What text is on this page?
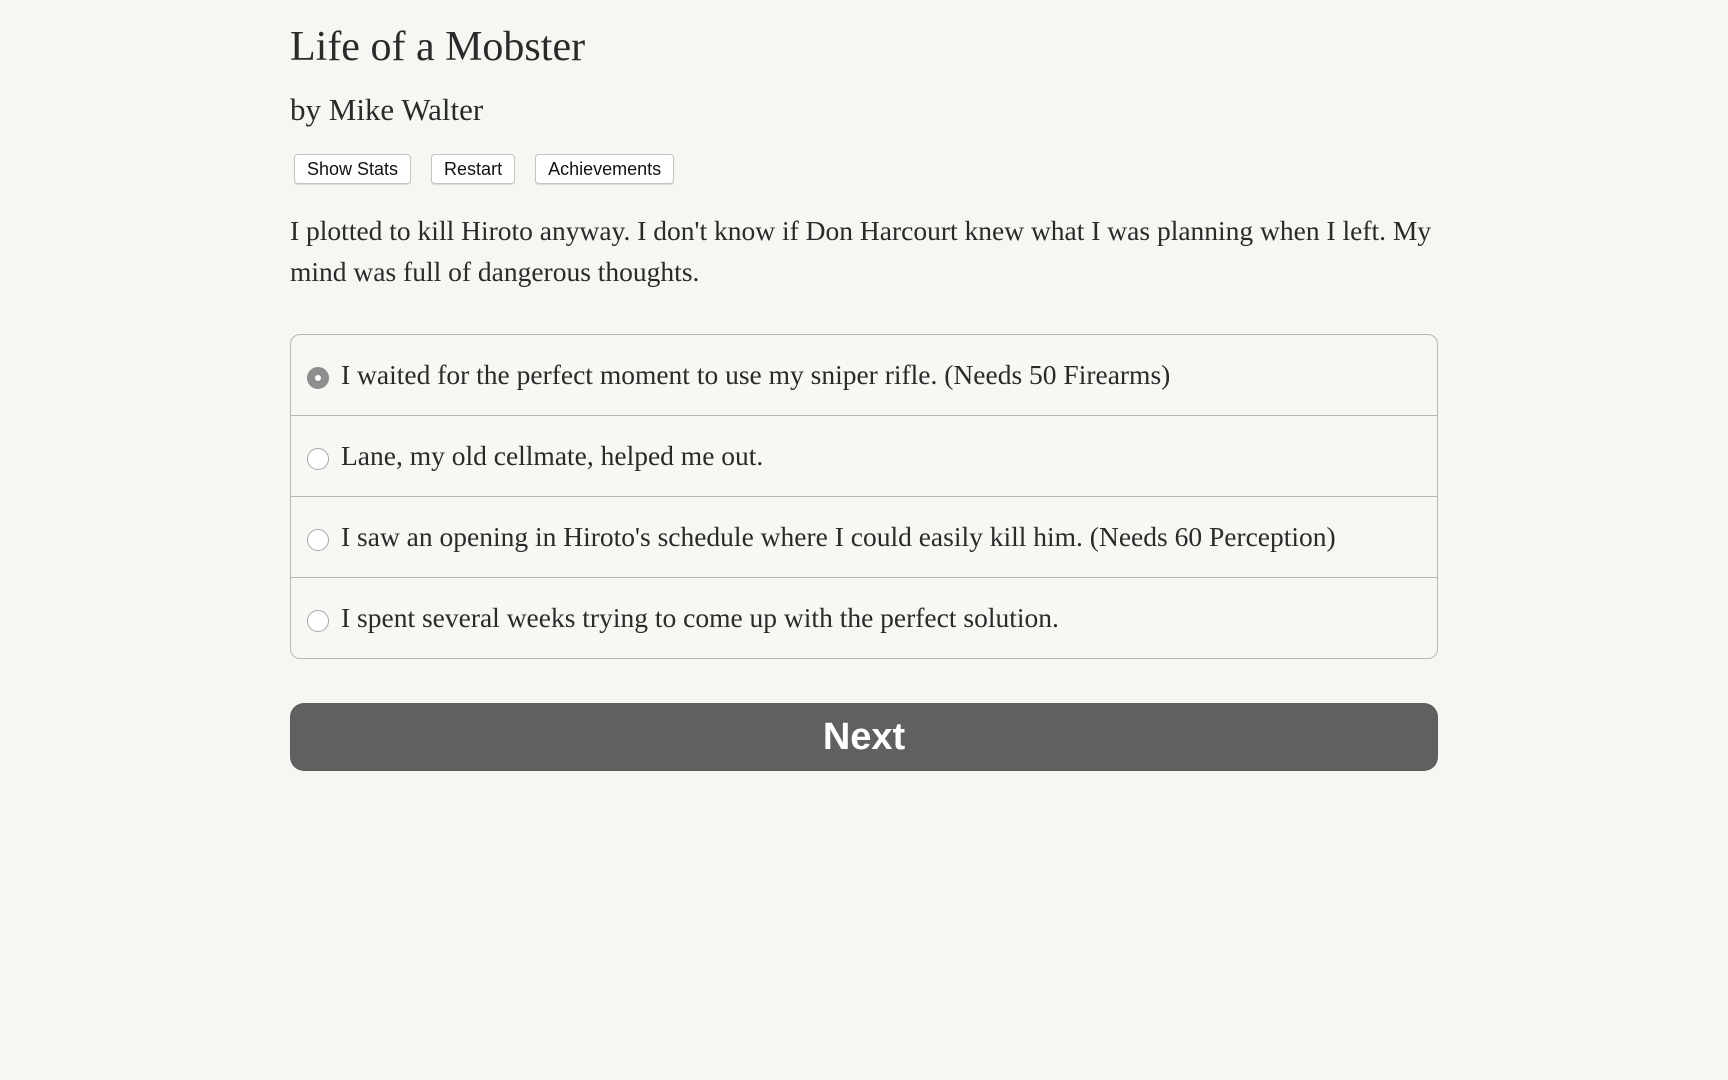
Life of a Mobster
by Mike Walter
Show Stats	Restart	Achievements

I plotted to kill Hiroto anyway. I don't know if Don Harcourt knew what I was planning when I left. My mind was full of dangerous thoughts.

I waited for the perfect moment to use my sniper rifle. (Needs 50 Firearms)
Lane, my old cellmate, helped me out.
I saw an opening in Hiroto's schedule where I could easily kill him. (Needs 60 Perception)
I spent several weeks trying to come up with the perfect solution.
Next
